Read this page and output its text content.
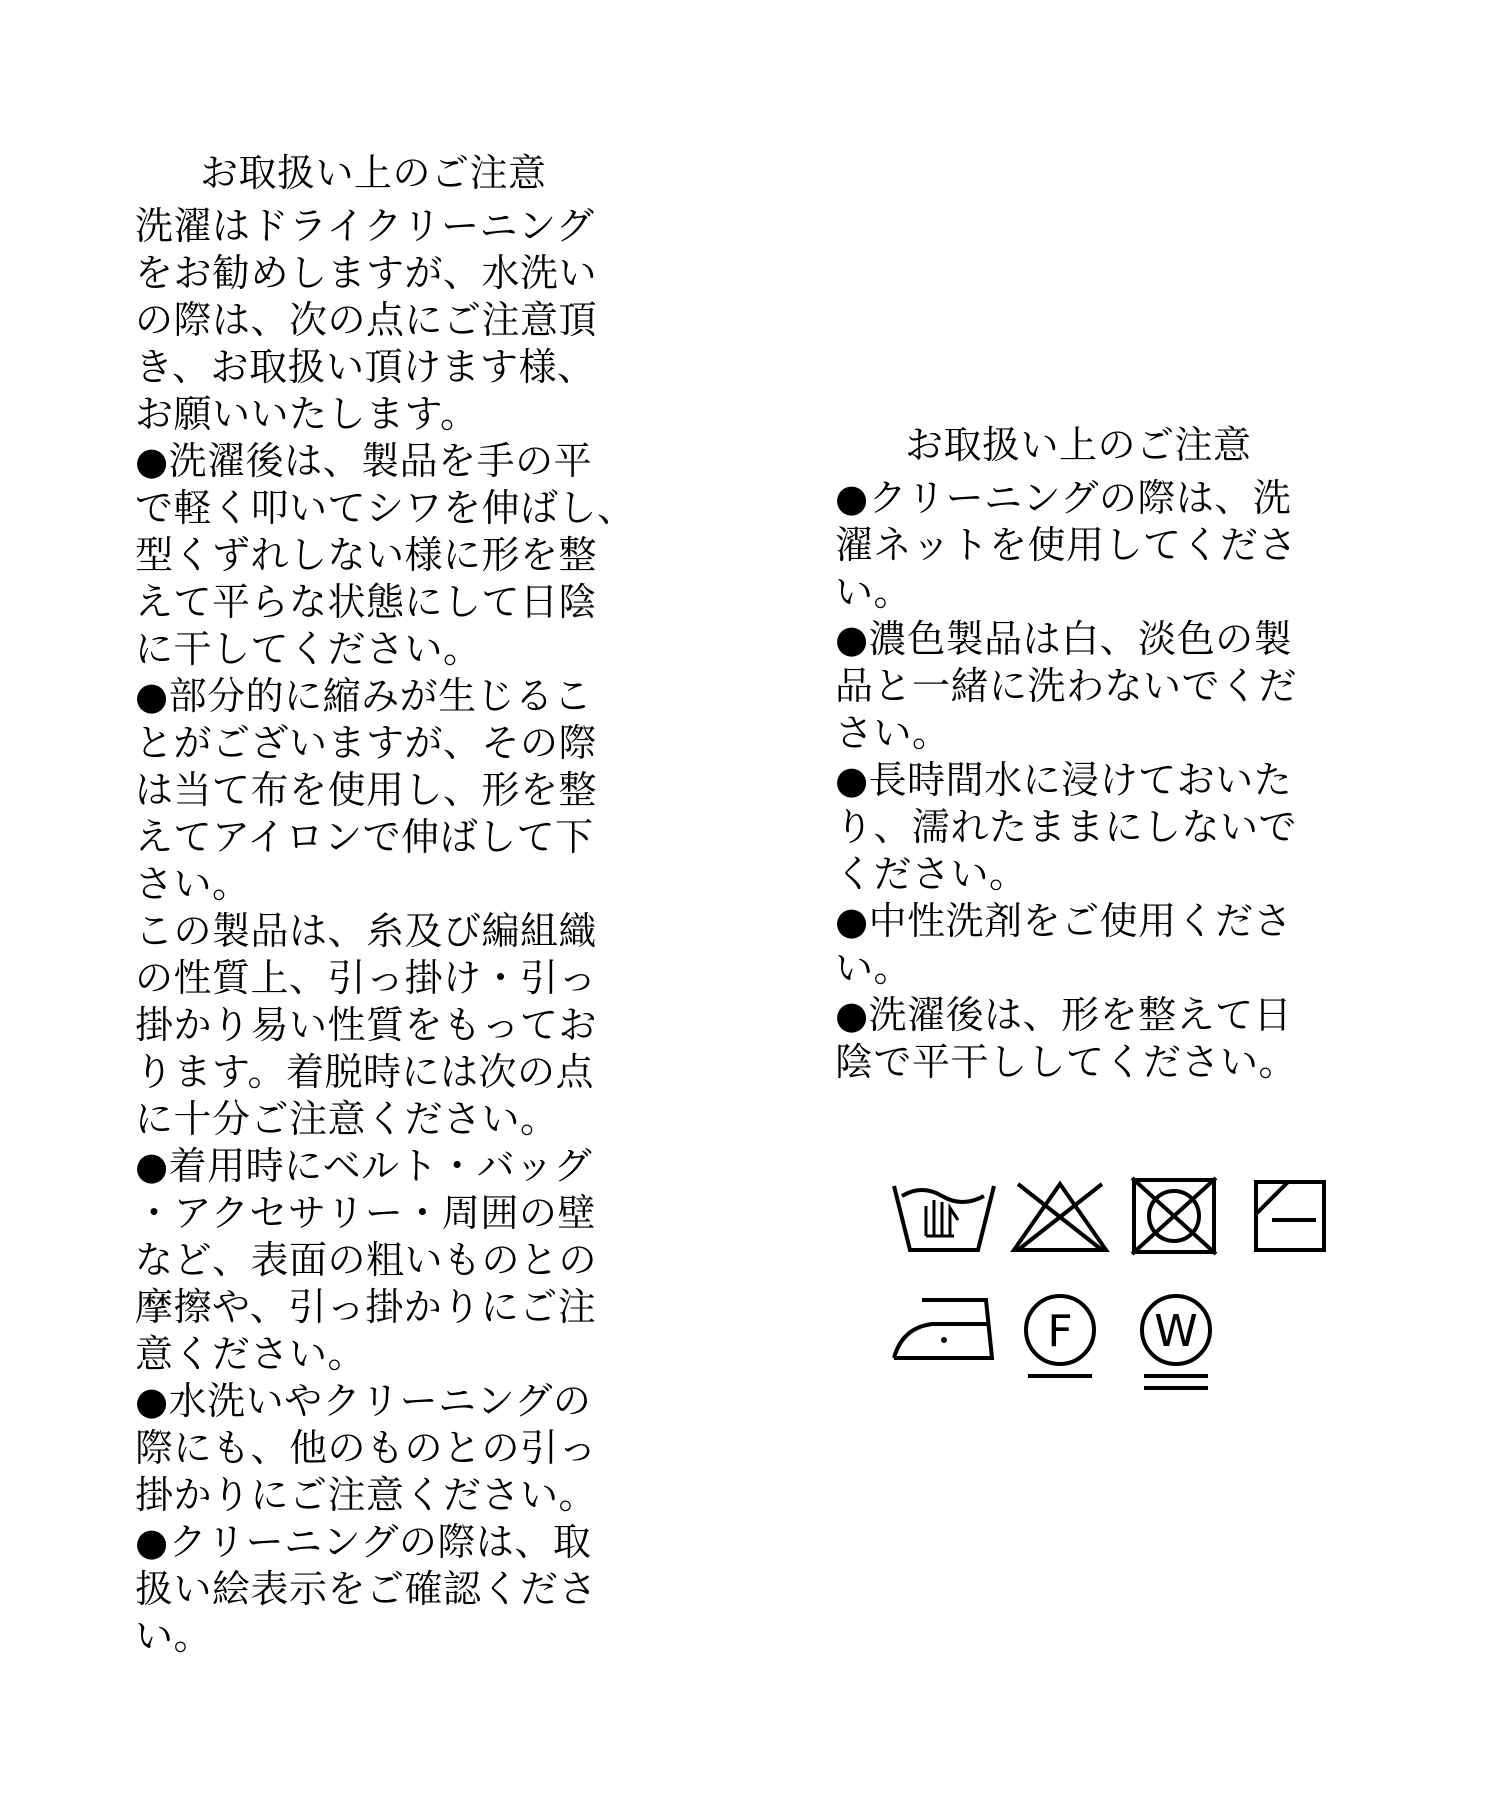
お取扱い上のご注意
洗濯はドライクリーニング
をお勧めしますが、水洗い
の際は、次の点にご注意頂
き、お取扱い頂けます様、
お願いいたします。
●洗濯後は、製品を手の平
で軽く叩いてシワを伸ばし、
型くずれしない様に形を整
えて平らな状態にして日陰
に干してください。
●部分的に縮みが生じるこ
とがございますが、その際
は当て布を使用し、形を整
えてアイロンで伸ばして下
さい。
この製品は、糸及び編組織
の性質上、引っ掛け・引っ
掛かり易い性質をもってお
ります。着脱時には次の点
に十分ご注意ください。
●着用時にベルト・バッグ
・アクセサリー・周囲の壁
など、表面の粗いものとの
摩擦や、引っ掛かりにご注
意ください。
●水洗いやクリーニングの
際にも、他のものとの引っ
掛かりにご注意ください。
●クリーニングの際は、取
扱い絵表示をご確認くださ
い。
お取扱い上のご注意
●クリーニングの際は、洗
濯ネットを使用してくださ
い。
●濃色製品は白、淡色の製
品と一緒に洗わないでくだ
さい。
●長時間水に浸けておいた
り、濡れたままにしないで
ください。
●中性洗剤をご使用くださ
い。
●洗濯後は、形を整えて日
陰で平干ししてください。
F W
